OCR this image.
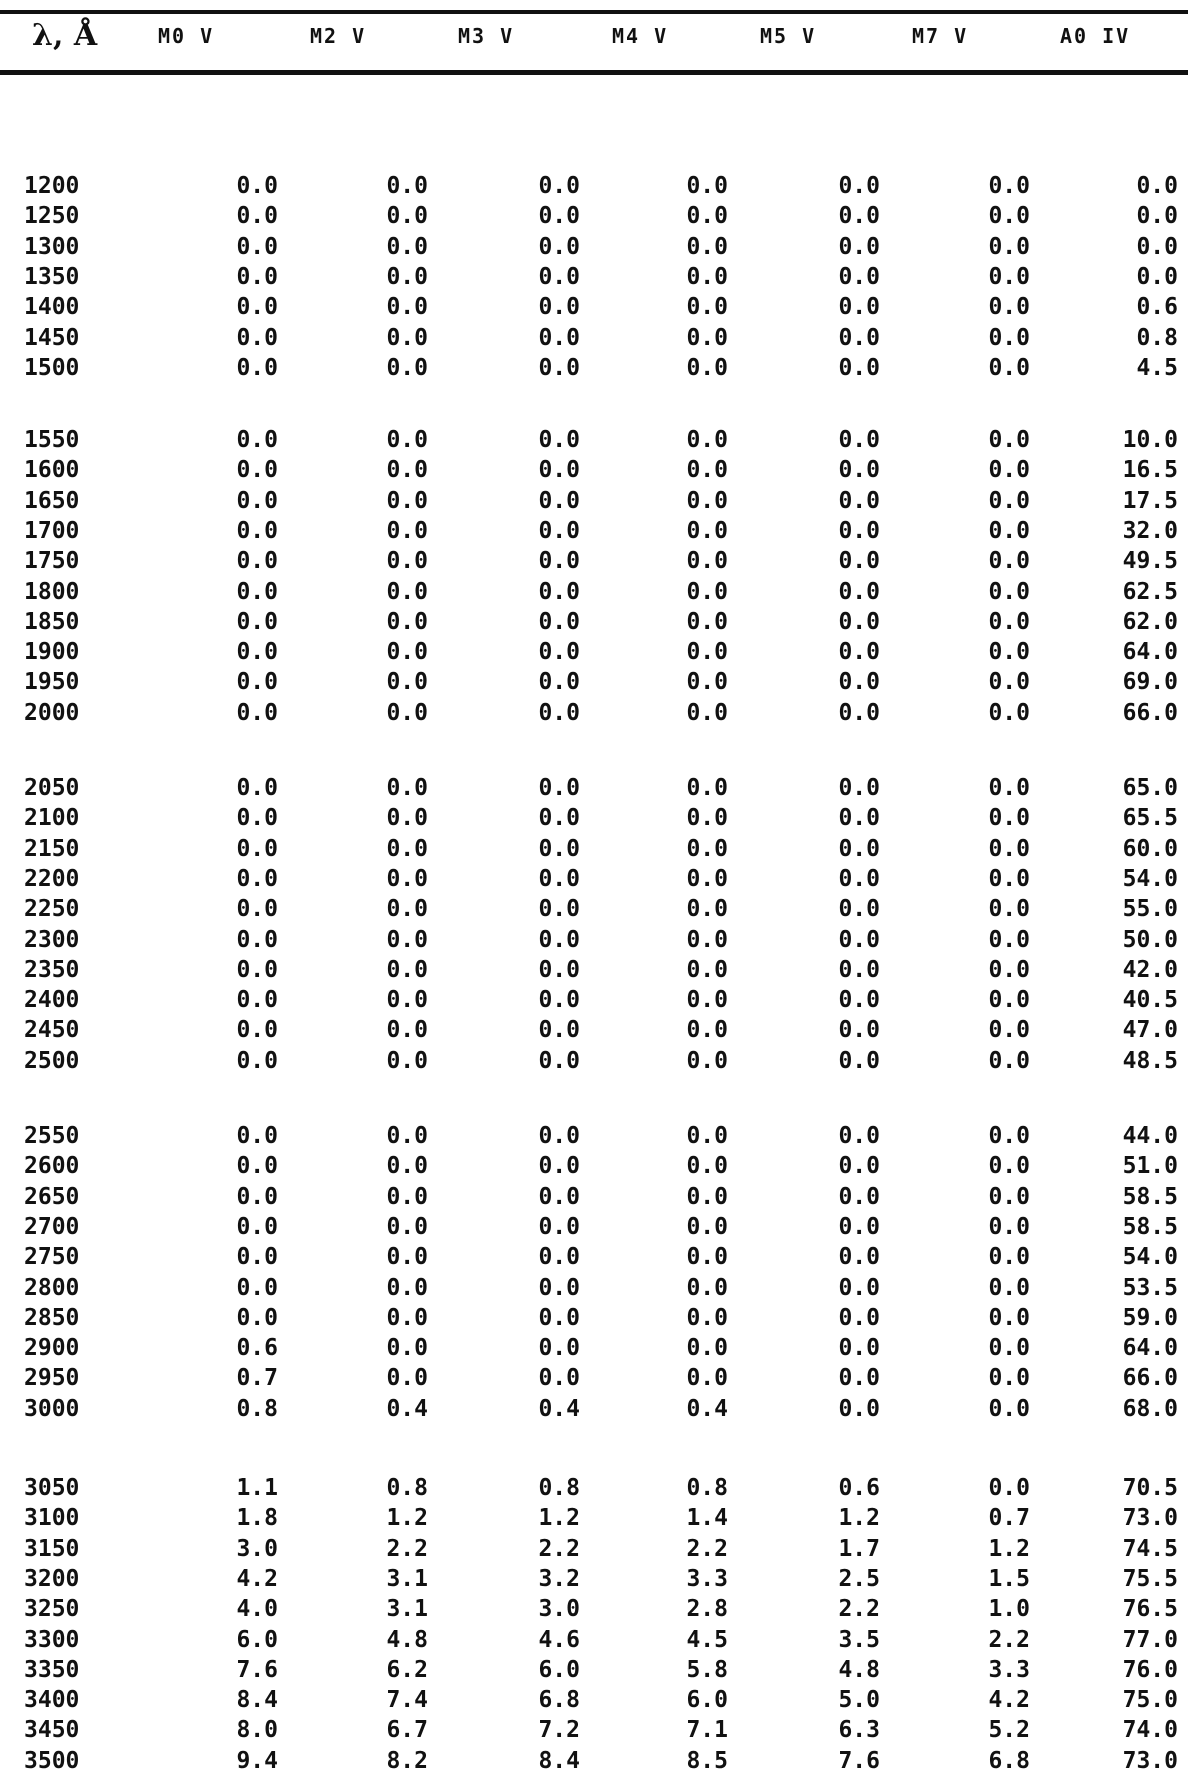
λ, Å	M0 V	M2 V	M3 V	M4 V	M5 V	M7 V	A0 IV
1200	0.0	0.0	0.0	0.0	0.0	0.0	0.0
1250	0.0	0.0	0.0	0.0	0.0	0.0	0.0
1300	0.0	0.0	0.0	0.0	0.0	0.0	0.0
1350	0.0	0.0	0.0	0.0	0.0	0.0	0.0
1400	0.0	0.0	0.0	0.0	0.0	0.0	0.6
1450	0.0	0.0	0.0	0.0	0.0	0.0	0.8
1500	0.0	0.0	0.0	0.0	0.0	0.0	4.5
1550	0.0	0.0	0.0	0.0	0.0	0.0	10.0
1600	0.0	0.0	0.0	0.0	0.0	0.0	16.5
1650	0.0	0.0	0.0	0.0	0.0	0.0	17.5
1700	0.0	0.0	0.0	0.0	0.0	0.0	32.0
1750	0.0	0.0	0.0	0.0	0.0	0.0	49.5
1800	0.0	0.0	0.0	0.0	0.0	0.0	62.5
1850	0.0	0.0	0.0	0.0	0.0	0.0	62.0
1900	0.0	0.0	0.0	0.0	0.0	0.0	64.0
1950	0.0	0.0	0.0	0.0	0.0	0.0	69.0
2000	0.0	0.0	0.0	0.0	0.0	0.0	66.0
2050	0.0	0.0	0.0	0.0	0.0	0.0	65.0
2100	0.0	0.0	0.0	0.0	0.0	0.0	65.5
2150	0.0	0.0	0.0	0.0	0.0	0.0	60.0
2200	0.0	0.0	0.0	0.0	0.0	0.0	54.0
2250	0.0	0.0	0.0	0.0	0.0	0.0	55.0
2300	0.0	0.0	0.0	0.0	0.0	0.0	50.0
2350	0.0	0.0	0.0	0.0	0.0	0.0	42.0
2400	0.0	0.0	0.0	0.0	0.0	0.0	40.5
2450	0.0	0.0	0.0	0.0	0.0	0.0	47.0
2500	0.0	0.0	0.0	0.0	0.0	0.0	48.5
2550	0.0	0.0	0.0	0.0	0.0	0.0	44.0
2600	0.0	0.0	0.0	0.0	0.0	0.0	51.0
2650	0.0	0.0	0.0	0.0	0.0	0.0	58.5
2700	0.0	0.0	0.0	0.0	0.0	0.0	58.5
2750	0.0	0.0	0.0	0.0	0.0	0.0	54.0
2800	0.0	0.0	0.0	0.0	0.0	0.0	53.5
2850	0.0	0.0	0.0	0.0	0.0	0.0	59.0
2900	0.6	0.0	0.0	0.0	0.0	0.0	64.0
2950	0.7	0.0	0.0	0.0	0.0	0.0	66.0
3000	0.8	0.4	0.4	0.4	0.0	0.0	68.0
3050	1.1	0.8	0.8	0.8	0.6	0.0	70.5
3100	1.8	1.2	1.2	1.4	1.2	0.7	73.0
3150	3.0	2.2	2.2	2.2	1.7	1.2	74.5
3200	4.2	3.1	3.2	3.3	2.5	1.5	75.5
3250	4.0	3.1	3.0	2.8	2.2	1.0	76.5
3300	6.0	4.8	4.6	4.5	3.5	2.2	77.0
3350	7.6	6.2	6.0	5.8	4.8	3.3	76.0
3400	8.4	7.4	6.8	6.0	5.0	4.2	75.0
3450	8.0	6.7	7.2	7.1	6.3	5.2	74.0
3500	9.4	8.2	8.4	8.5	7.6	6.8	73.0
